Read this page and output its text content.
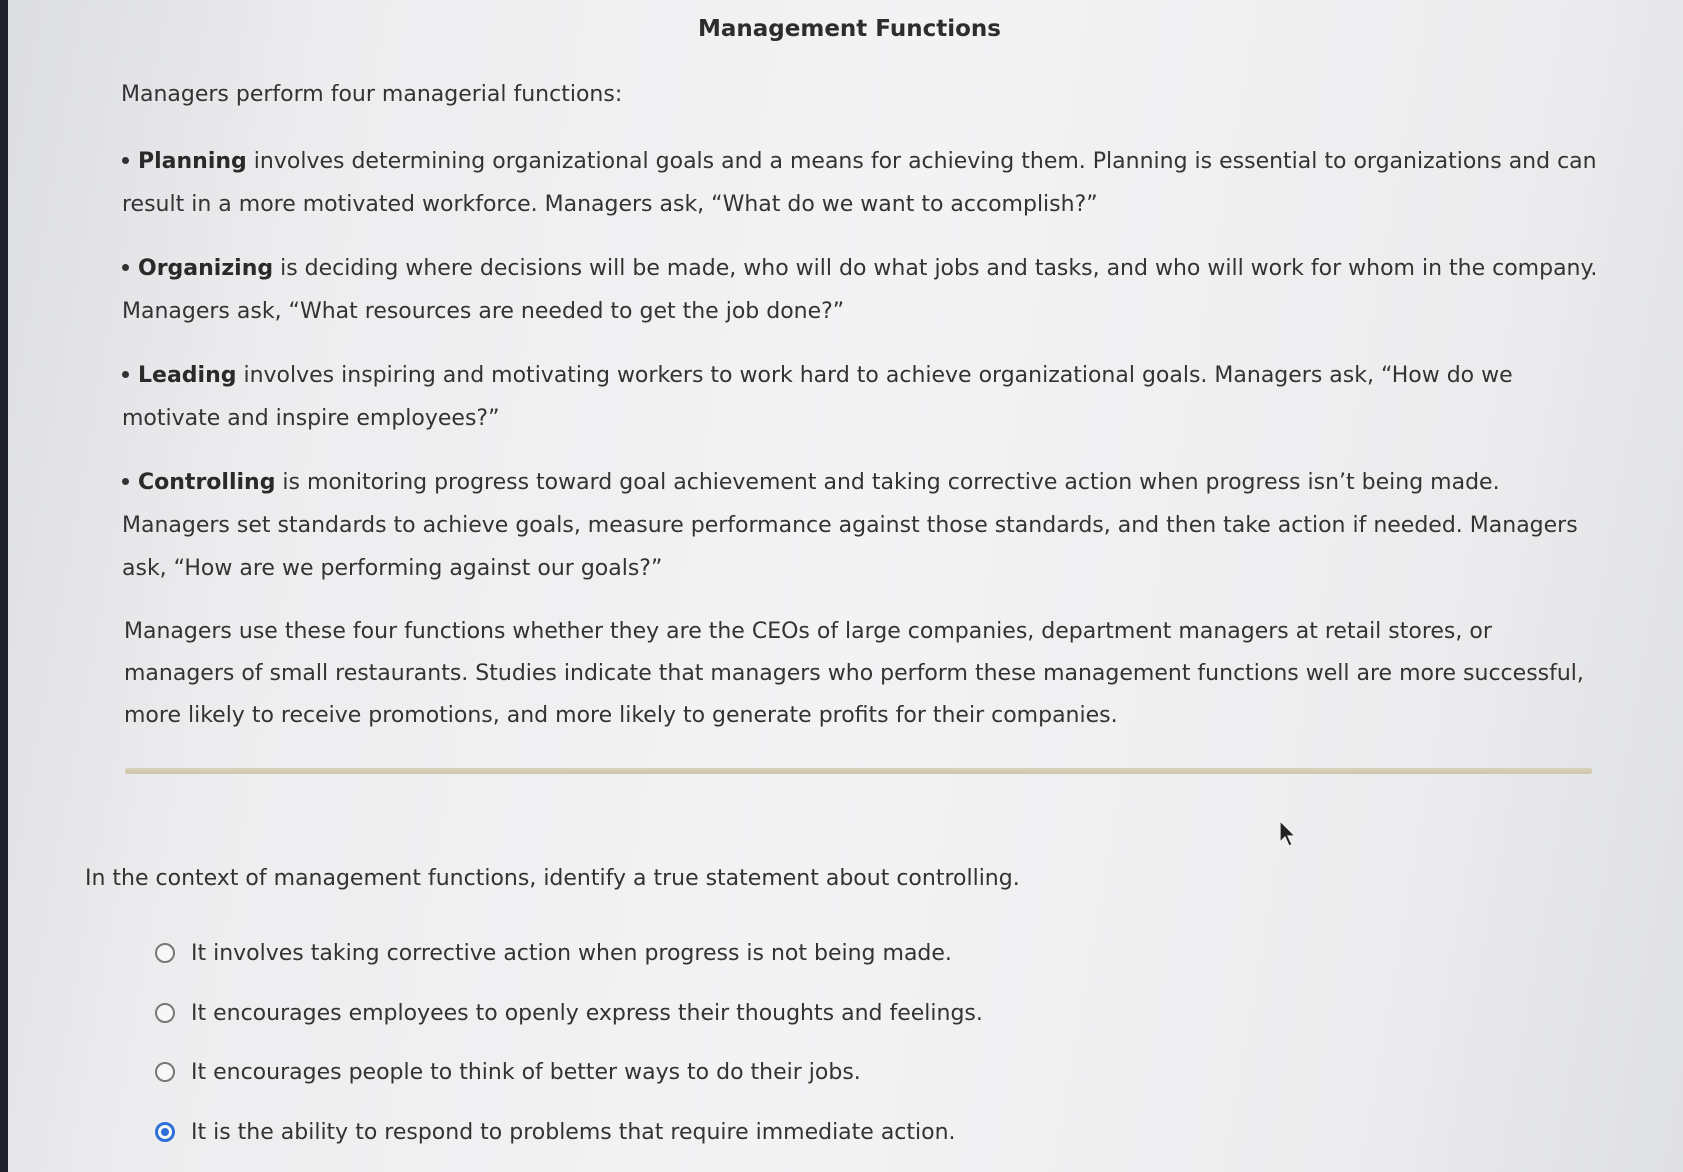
Management Functions
Managers perform four managerial functions:
Planning involves determining organizational goals and a means for achieving them. Planning is essential to organizations and can result in a more motivated workforce. Managers ask, “What do we want to accomplish?”
Organizing is deciding where decisions will be made, who will do what jobs and tasks, and who will work for whom in the company. Managers ask, “What resources are needed to get the job done?”
Leading involves inspiring and motivating workers to work hard to achieve organizational goals. Managers ask, “How do we motivate and inspire employees?”
Controlling is monitoring progress toward goal achievement and taking corrective action when progress isn’t being made. Managers set standards to achieve goals, measure performance against those standards, and then take action if needed. Managers ask, “How are we performing against our goals?”
Managers use these four functions whether they are the CEOs of large companies, department managers at retail stores, or managers of small restaurants. Studies indicate that managers who perform these management functions well are more successful, more likely to receive promotions, and more likely to generate profits for their companies.
In the context of management functions, identify a true statement about controlling.
It involves taking corrective action when progress is not being made.
It encourages employees to openly express their thoughts and feelings.
It encourages people to think of better ways to do their jobs.
It is the ability to respond to problems that require immediate action.
